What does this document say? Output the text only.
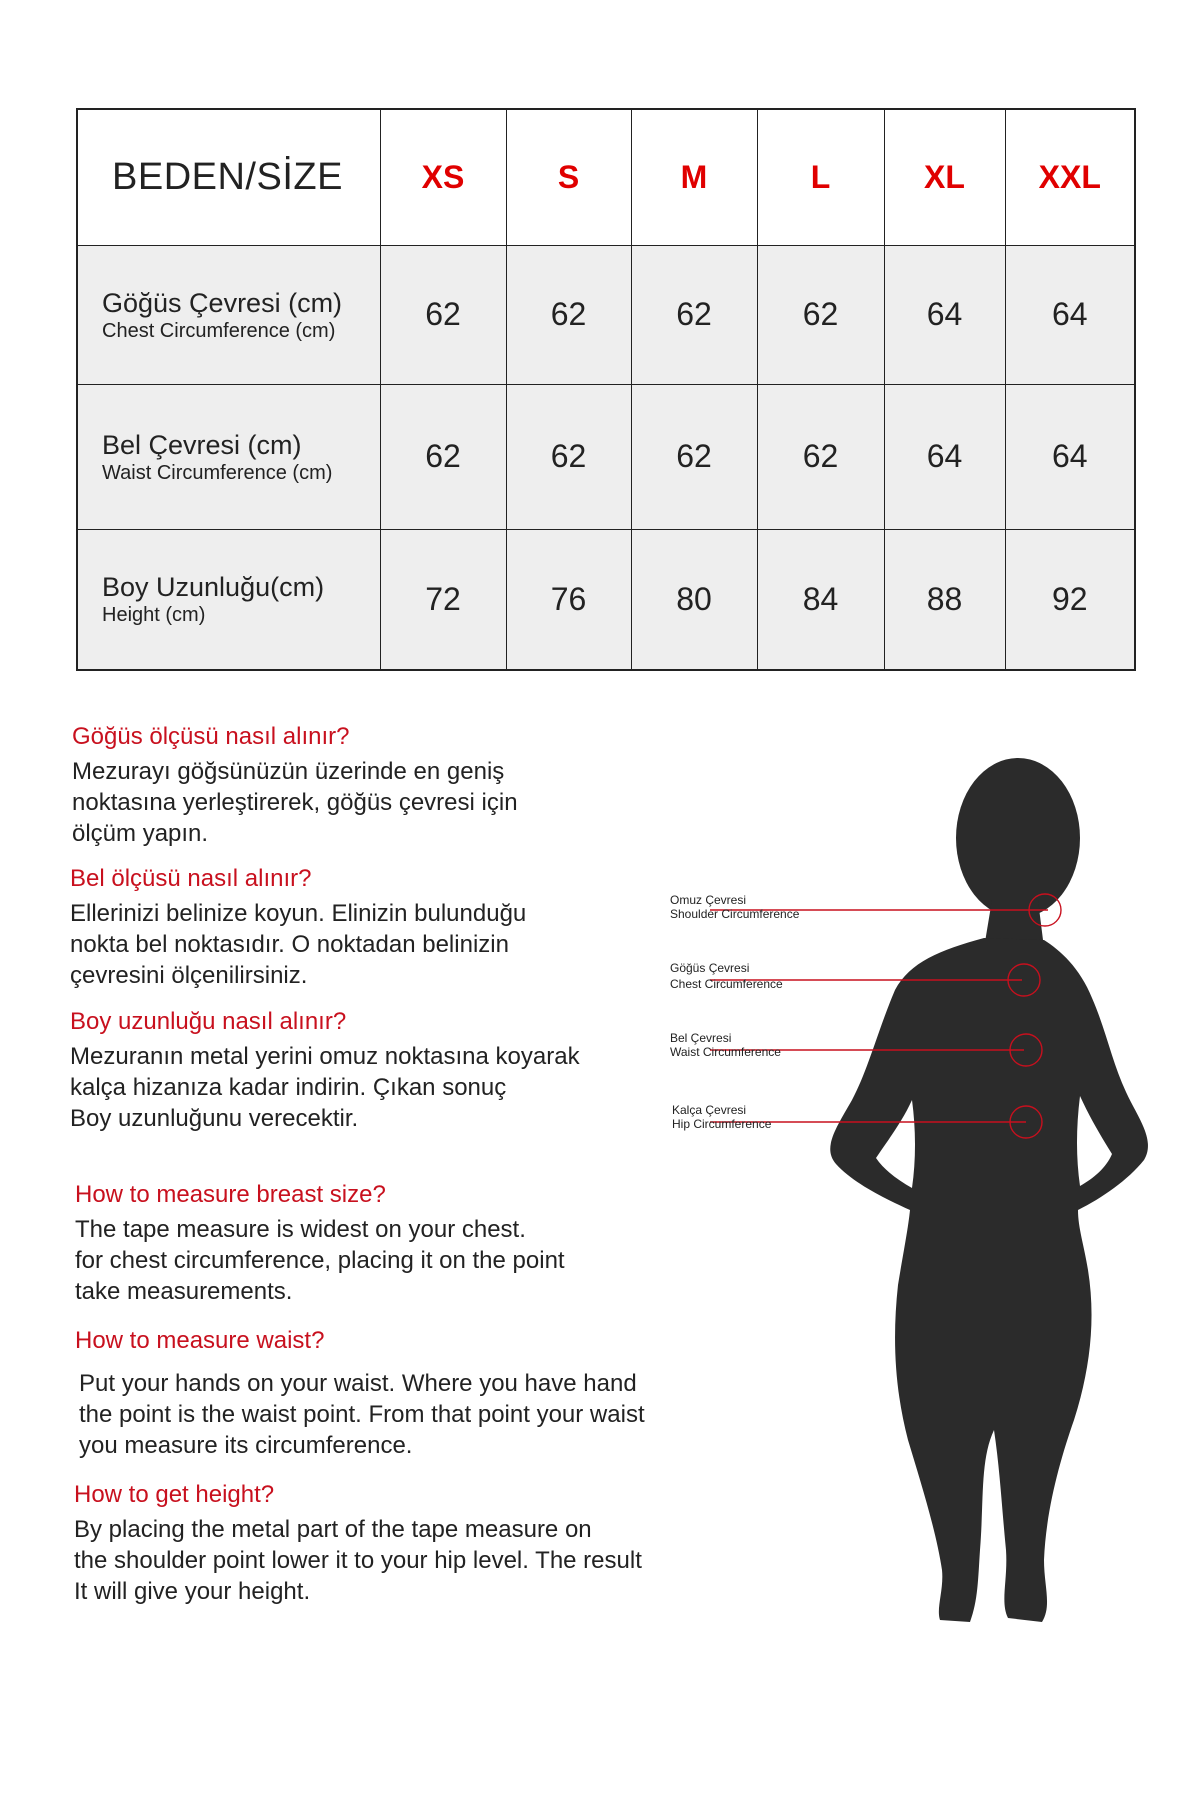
BEDEN/SİZE	XS	S	M	L	XL	XXL

Göğüs Çevresi (cm)
Chest Circumference (cm)	62	62	62	62	64	64

Bel Çevresi (cm)
Waist Circumference (cm)	62	62	62	62	64	64

Boy Uzunluğu(cm)
Height (cm)	72	76	80	84	88	92
Göğüs ölçüsü nasıl alınır?
Mezurayı göğsünüzün üzerinde en geniş
noktasına yerleştirerek, göğüs çevresi için
ölçüm yapın.
Bel ölçüsü nasıl alınır?
Ellerinizi belinize koyun. Elinizin bulunduğu
nokta bel noktasıdır. O noktadan belinizin
çevresini ölçenilirsiniz.
Boy uzunluğu nasıl alınır?
Mezuranın metal yerini omuz noktasına koyarak
kalça hizanıza kadar indirin. Çıkan sonuç
Boy uzunluğunu verecektir.
How to measure breast size?
The tape measure is widest on your chest.
for chest circumference, placing it on the point
take measurements.
How to measure waist?
Put your hands on your waist. Where you have hand
the point is the waist point. From that point your waist
you measure its circumference.
How to get height?
By placing the metal part of the tape measure on
the shoulder point lower it to your hip level. The result
It will give your height.
Omuz Çevresi
Shoulder Circumference
Göğüs Çevresi
Chest Circumference
Bel Çevresi
Waist Circumference
Kalça Çevresi
Hip Circumference
